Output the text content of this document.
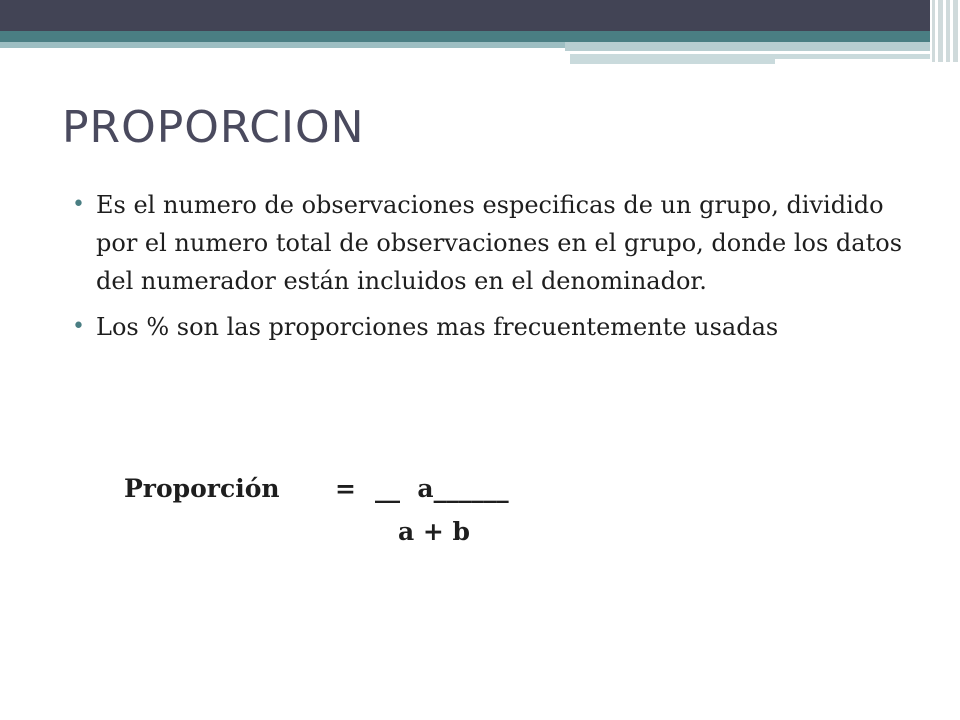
PROPORCION
• Es el numero de observaciones especificas de un grupo, dividido por el numero total de observaciones en el grupo, donde los datos del numerador están incluidos en el denominador.
• Los % son las proporciones mas frecuentemente usadas
Proporción = __  a______
a + b
